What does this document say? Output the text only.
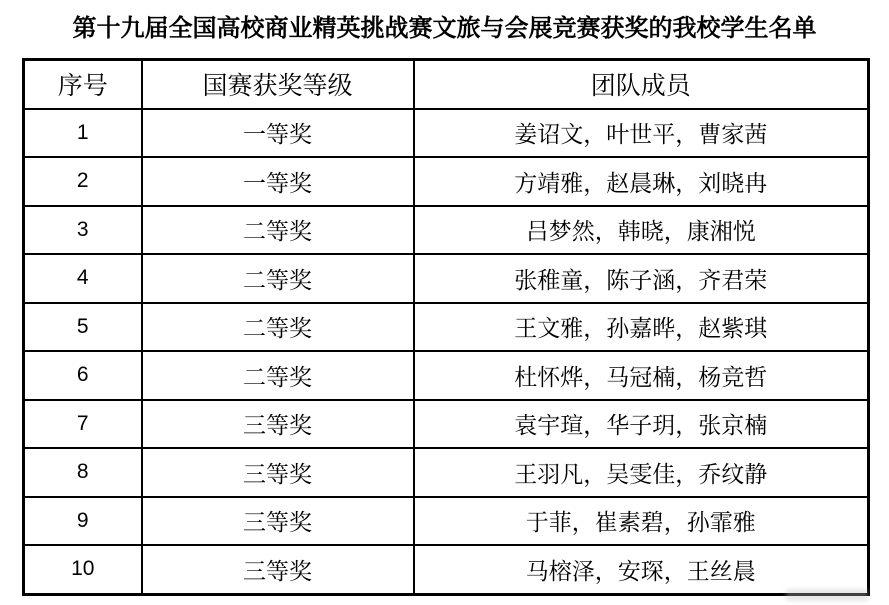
第十九届全国高校商业精英挑战赛文旅与会展竞赛获奖的我校学生名单
序号	国赛获奖等级	团队成员
1	一等奖	姜诏文，叶世平，曹家茜
2	一等奖	方靖雅，赵晨琳，刘晓冉
3	二等奖	吕梦然，韩晓，康湘悦
4	二等奖	张稚童，陈子涵，齐君荣
5	二等奖	王文雅，孙嘉晔，赵紫琪
6	二等奖	杜怀烨，马冠楠，杨竞哲
7	三等奖	袁宇瑄，华子玥，张京楠
8	三等奖	王羽凡，吴雯佳，乔纹静
9	三等奖	于菲，崔素碧，孙霏雅
10	三等奖	马榕泽，安琛，王丝晨
